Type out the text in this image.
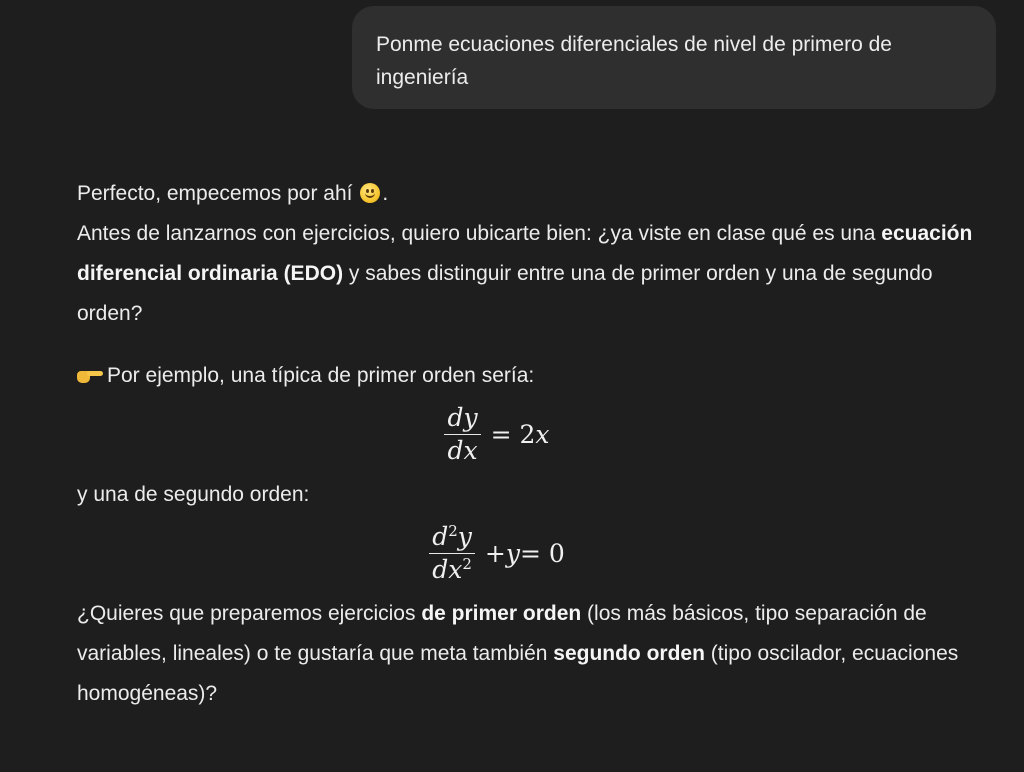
Ponme ecuaciones diferenciales de nivel de primero de ingeniería

Perfecto, empecemos por ahí .
Antes de lanzarnos con ejercicios, quiero ubicarte bien: ¿ya viste en clase qué es una ecuación diferencial ordinaria (EDO) y sabes distinguir entre una de primer orden y una de segundo orden?

Por ejemplo, una típica de primer orden sería:

$\frac{dy}{dx} = 2$ x

y una de segundo orden:

$\frac{d^2y}{dx^2} + y = 0$

¿Quieres que preparemos ejercicios de primer orden (los más básicos, tipo separación de variables, lineales) o te gustaría que meta también segundo orden (tipo oscilador, ecuaciones homogéneas)?
